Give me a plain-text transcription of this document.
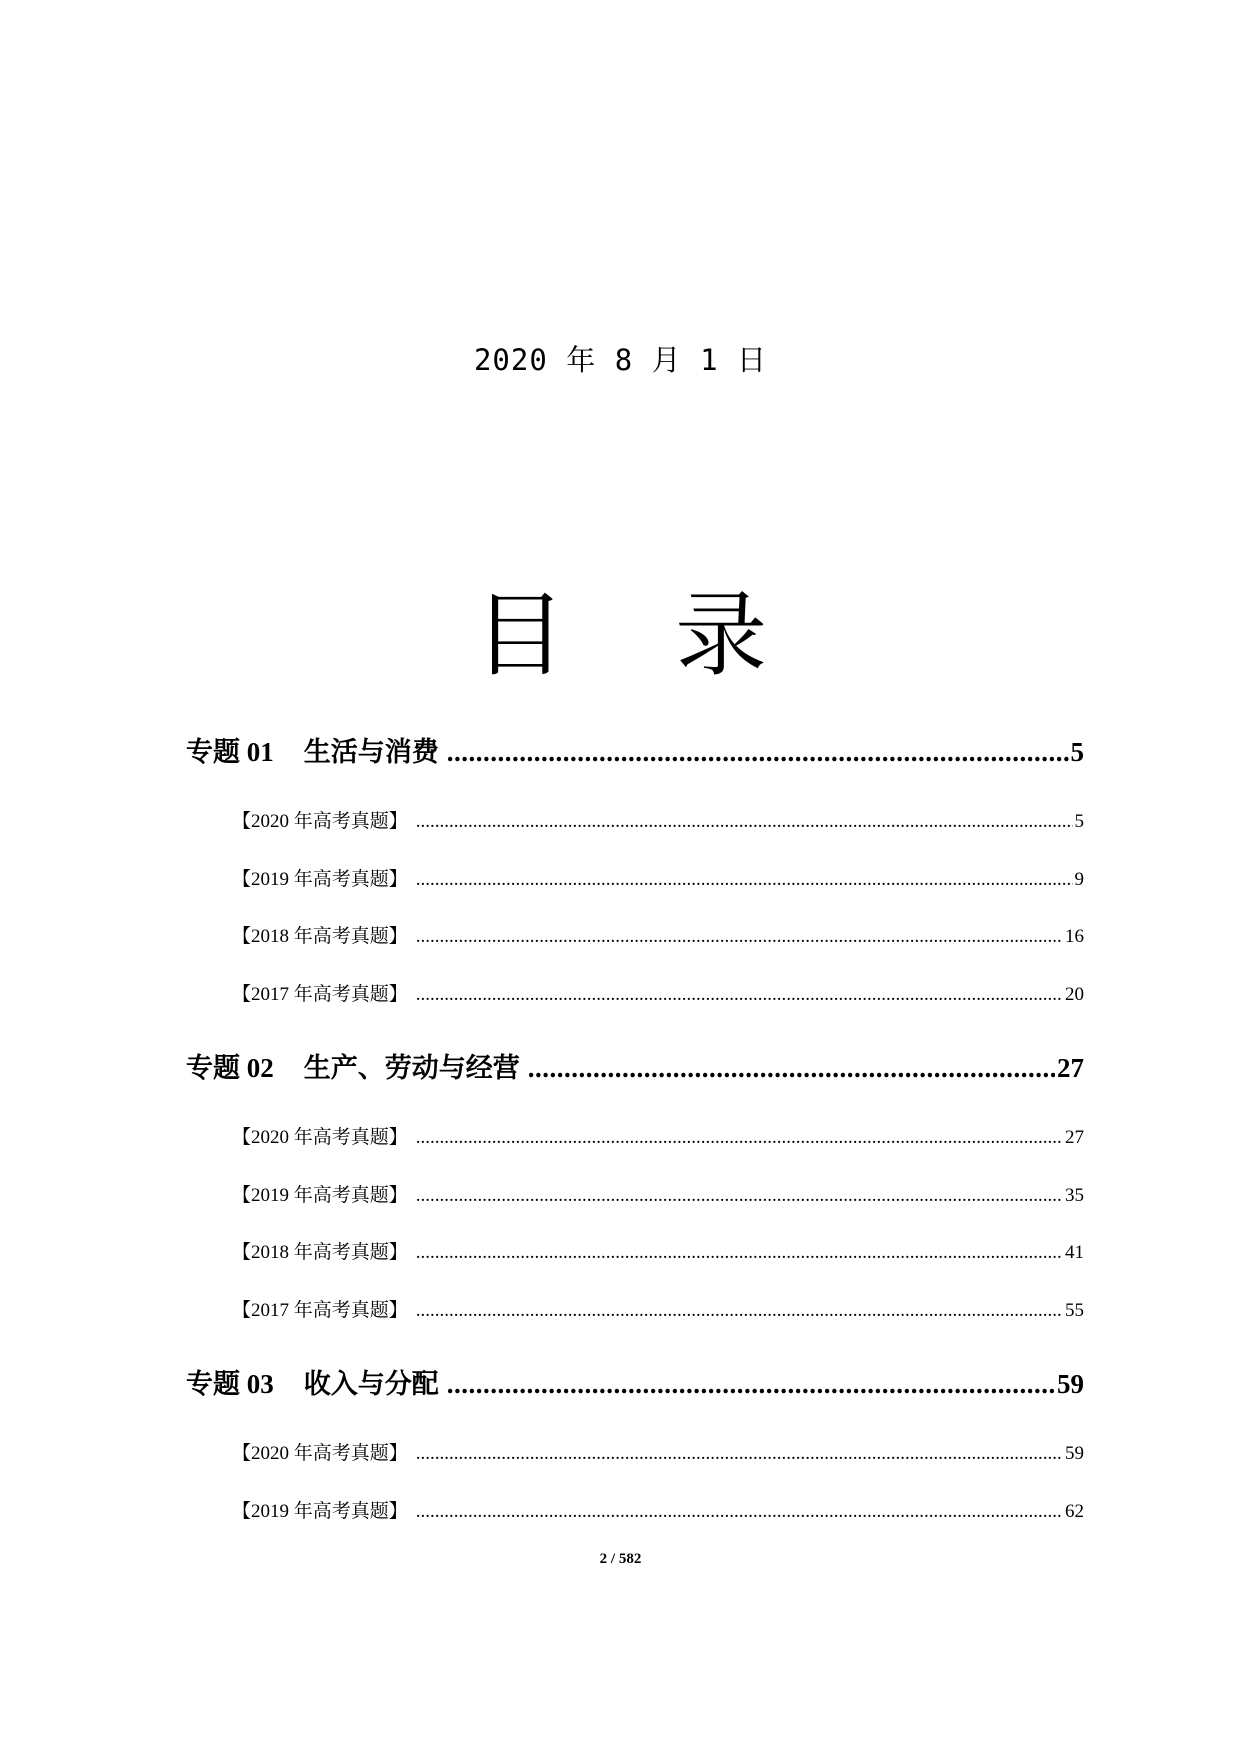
2020 年 8 月 1 日
目 录
专题 01 生活与消费 .....	5
【2020 年高考真题】 .....	5
【2019 年高考真题】 .....	9
【2018 年高考真题】 .....	16
【2017 年高考真题】 .....	20
专题 02 生产、劳动与经营 .....	27
【2020 年高考真题】 .....	27
【2019 年高考真题】 .....	35
【2018 年高考真题】 .....	41
【2017 年高考真题】 .....	55
专题 03 收入与分配 .....	59
【2020 年高考真题】 .....	59
【2019 年高考真题】 .....	62
2 / 582
